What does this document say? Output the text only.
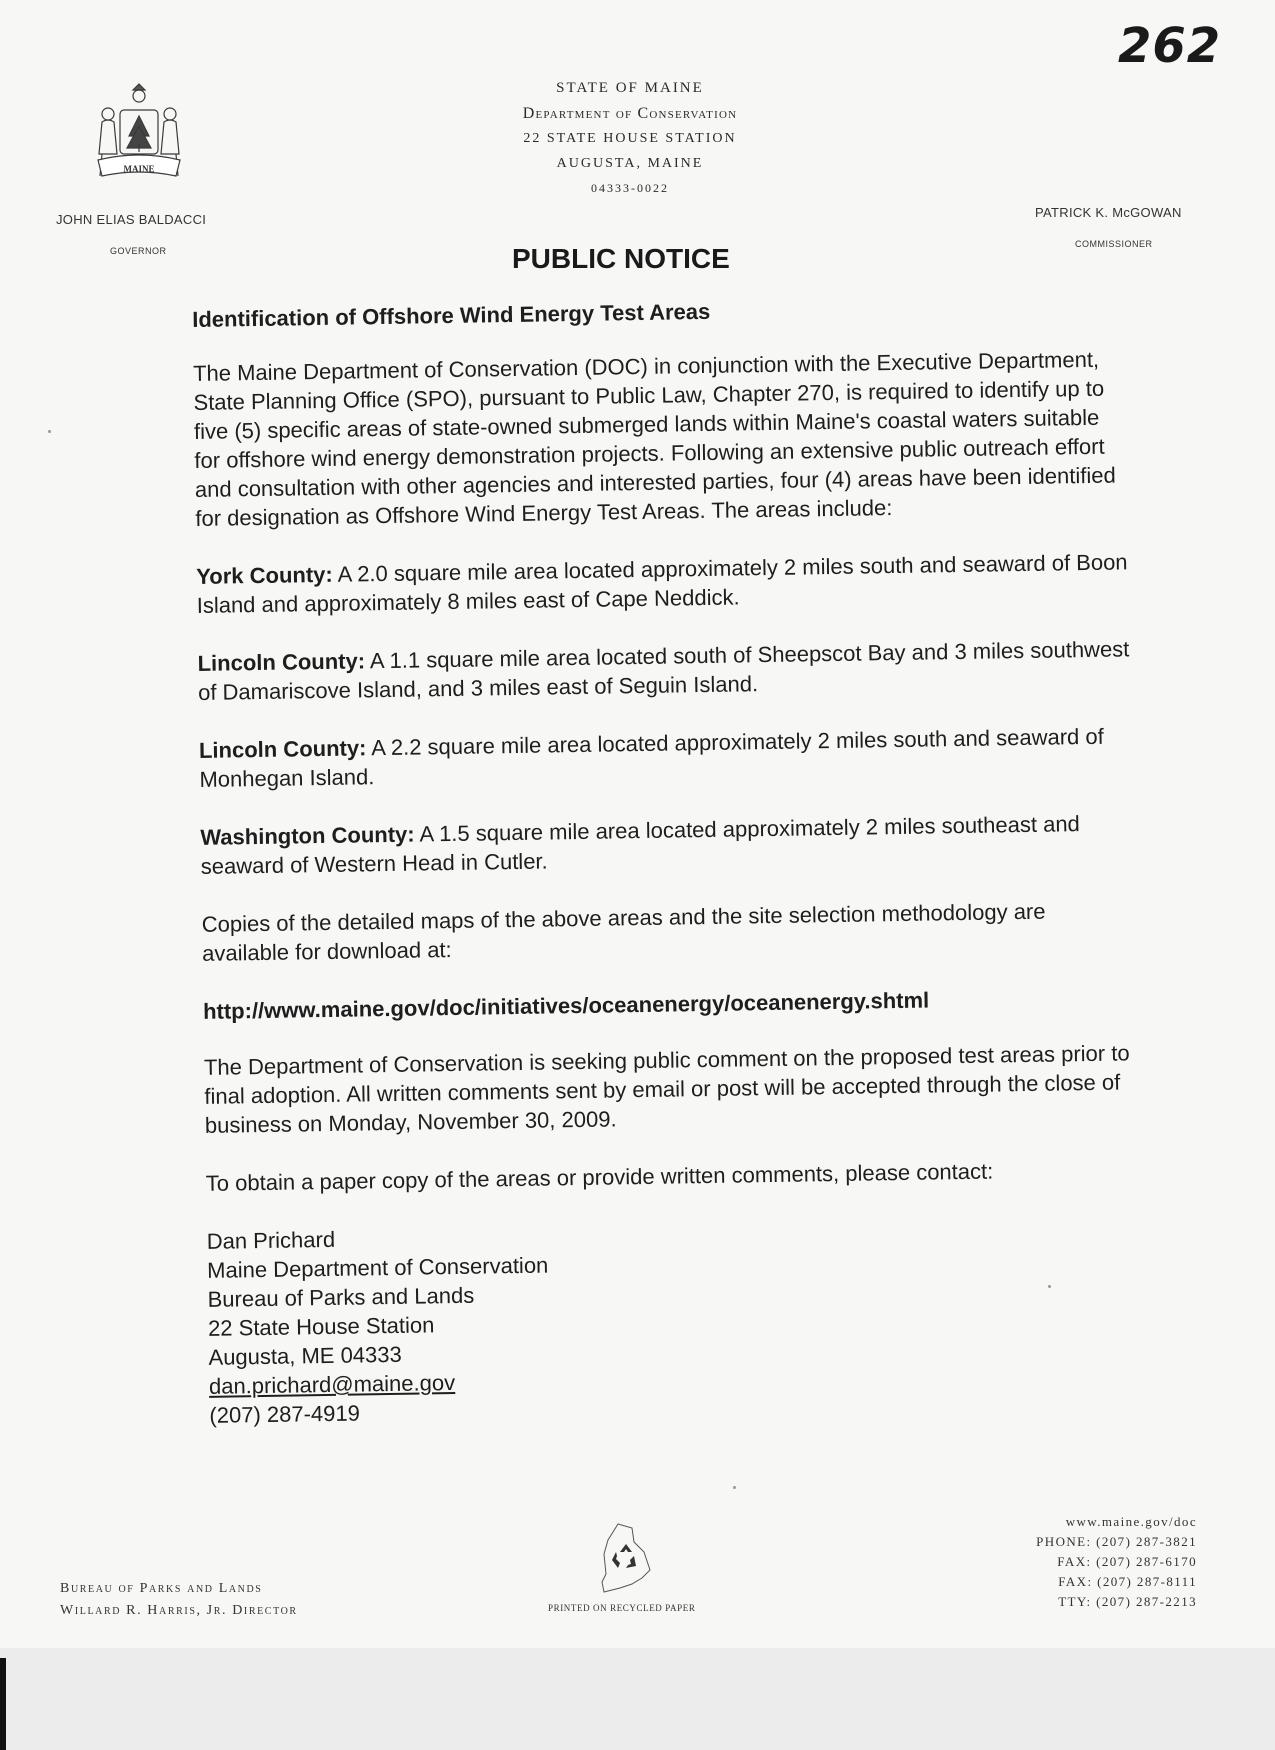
262
MAINE
STATE OF MAINE
Department of Conservation
22 STATE HOUSE STATION
AUGUSTA, MAINE
04333-0022
JOHN ELIAS BALDACCI
GOVERNOR
PATRICK K. McGOWAN
COMMISSIONER
PUBLIC NOTICE

Identification of Offshore Wind Energy Test Areas

The Maine Department of Conservation (DOC) in conjunction with the Executive Department, State Planning Office (SPO), pursuant to Public Law, Chapter 270, is required to identify up to five (5) specific areas of state-owned submerged lands within Maine's coastal waters suitable for offshore wind energy demonstration projects. Following an extensive public outreach effort and consultation with other agencies and interested parties, four (4) areas have been identified for designation as Offshore Wind Energy Test Areas. The areas include:

York County: A 2.0 square mile area located approximately 2 miles south and seaward of Boon Island and approximately 8 miles east of Cape Neddick.

Lincoln County: A 1.1 square mile area located south of Sheepscot Bay and 3 miles southwest of Damariscove Island, and 3 miles east of Seguin Island.

Lincoln County: A 2.2 square mile area located approximately 2 miles south and seaward of Monhegan Island.

Washington County: A 1.5 square mile area located approximately 2 miles southeast and seaward of Western Head in Cutler.

Copies of the detailed maps of the above areas and the site selection methodology are available for download at:

http://www.maine.gov/doc/initiatives/oceanenergy/oceanenergy.shtml

The Department of Conservation is seeking public comment on the proposed test areas prior to final adoption. All written comments sent by email or post will be accepted through the close of business on Monday, November 30, 2009.

To obtain a paper copy of the areas or provide written comments, please contact:

Dan Prichard
Maine Department of Conservation
Bureau of Parks and Lands
22 State House Station
Augusta, ME 04333
dan.prichard@maine.gov
(207) 287-4919
Bureau of Parks and Lands
Willard R. Harris, Jr. Director	PRINTED ON RECYCLED PAPER
www.maine.gov/doc
PHONE: (207) 287-3821
FAX: (207) 287-6170
FAX: (207) 287-8111
TTY: (207) 287-2213
